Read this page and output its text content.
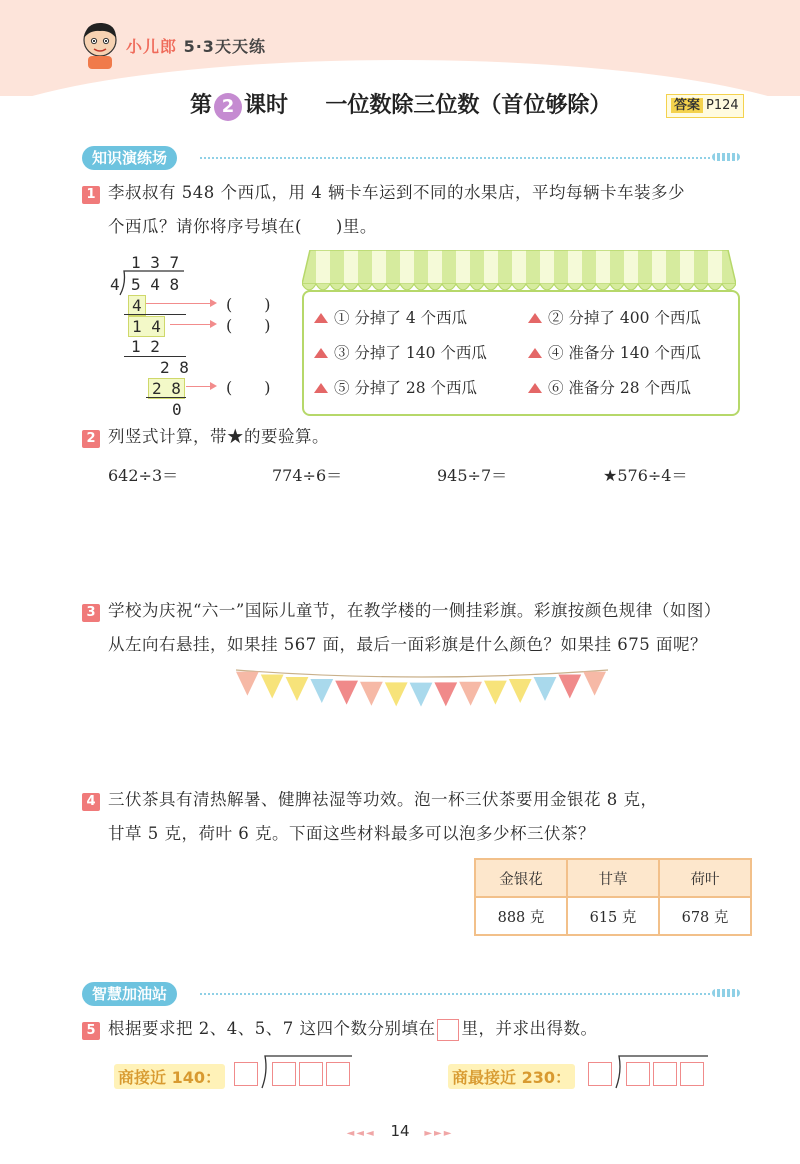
小儿郎 5·3天天练
第 2 课时 一位数除三位数（首位够除）	答案 P124
知识演练场
1 李叔叔有 548 个西瓜，用 4 辆卡车运到不同的水果店，平均每辆卡车装多少
个西瓜？请你将序号填在(　　)里。
1 3 7
4 5 4 8
4
1 4
1 2
2 8
2 8
0
(　　)
(　　)
(　　)
① 分掉了 4 个西瓜	② 分掉了 400 个西瓜
③ 分掉了 140 个西瓜	④ 准备分 140 个西瓜
⑤ 分掉了 28 个西瓜	⑥ 准备分 28 个西瓜
2 列竖式计算，带★的要验算。
642÷3＝	774÷6＝	945÷7＝	★576÷4＝
3 学校为庆祝“六一”国际儿童节，在教学楼的一侧挂彩旗。彩旗按颜色规律（如图）
从左向右悬挂，如果挂 567 面，最后一面彩旗是什么颜色？如果挂 675 面呢？
4 三伏茶具有清热解暑、健脾祛湿等功效。泡一杯三伏茶要用金银花 8 克，
甘草 5 克，荷叶 6 克。下面这些材料最多可以泡多少杯三伏茶？
金银花	甘草	荷叶
888 克	615 克	678 克
智慧加油站
5 根据要求把 2、4、5、7 这四个数分别填在 里，并求出得数。
商接近 140：	商最接近 230：
◄◄◄ 14 ►►►
